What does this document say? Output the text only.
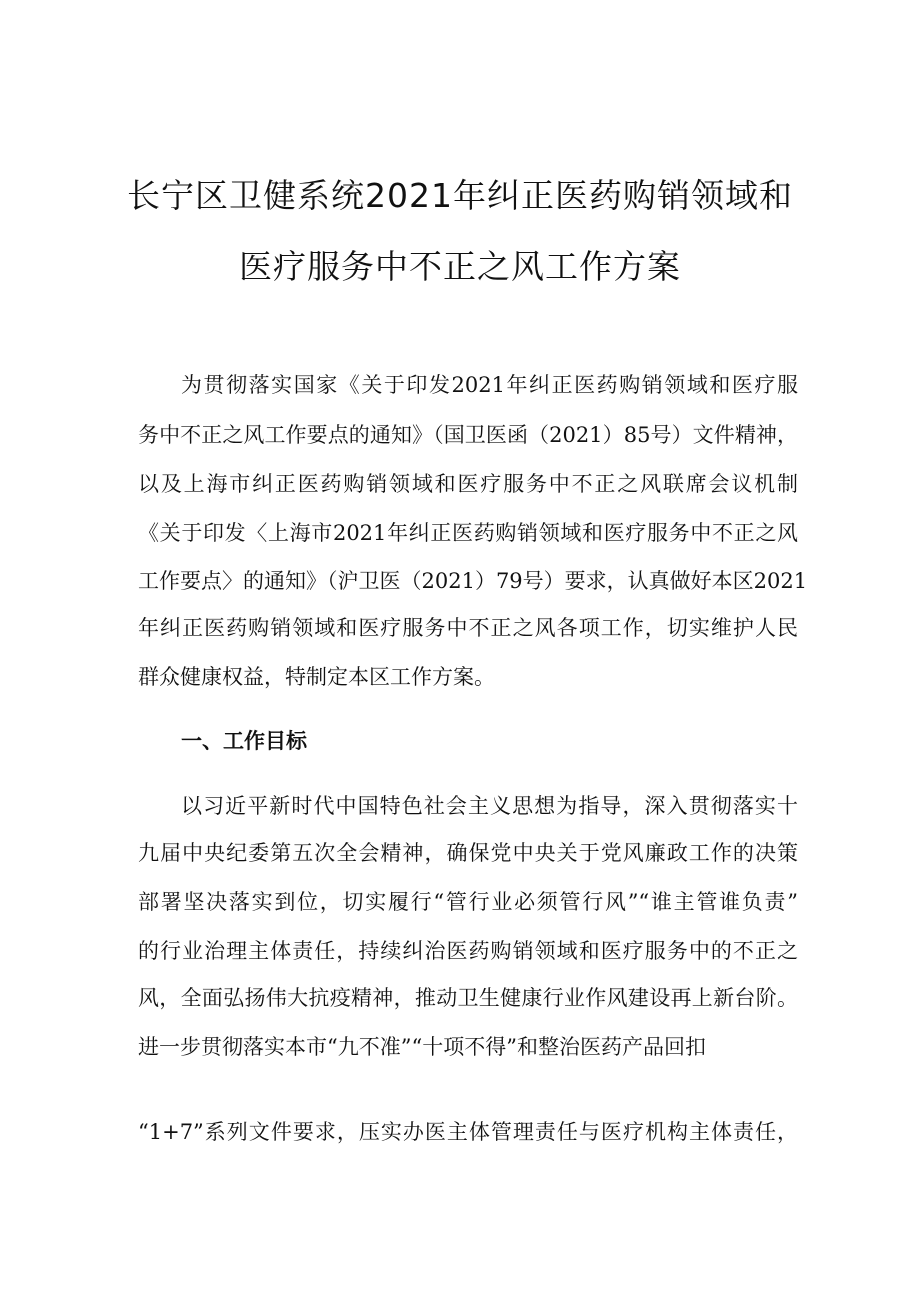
长宁区卫健系统2021年纠正医药购销领域和
医疗服务中不正之风工作方案
为贯彻落实国家《关于印发2021年纠正医药购销领域和医疗服
务中不正之风工作要点的通知》（国卫医函（2021）85号）文件精神，
以及上海市纠正医药购销领域和医疗服务中不正之风联席会议机制
《关于印发〈上海市2021年纠正医药购销领域和医疗服务中不正之风
工作要点〉的通知》（沪卫医（2021）79号）要求，认真做好本区2021
年纠正医药购销领域和医疗服务中不正之风各项工作，切实维护人民
群众健康权益，特制定本区工作方案。
一、工作目标
以习近平新时代中国特色社会主义思想为指导，深入贯彻落实十
九届中央纪委第五次全会精神，确保党中央关于党风廉政工作的决策
部署坚决落实到位，切实履行“管行业必须管行风”“谁主管谁负责”
的行业治理主体责任，持续纠治医药购销领域和医疗服务中的不正之
风，全面弘扬伟大抗疫精神，推动卫生健康行业作风建设再上新台阶。
进一步贯彻落实本市“九不准”“十项不得”和整治医药产品回扣
“1+7”系列文件要求，压实办医主体管理责任与医疗机构主体责任，
